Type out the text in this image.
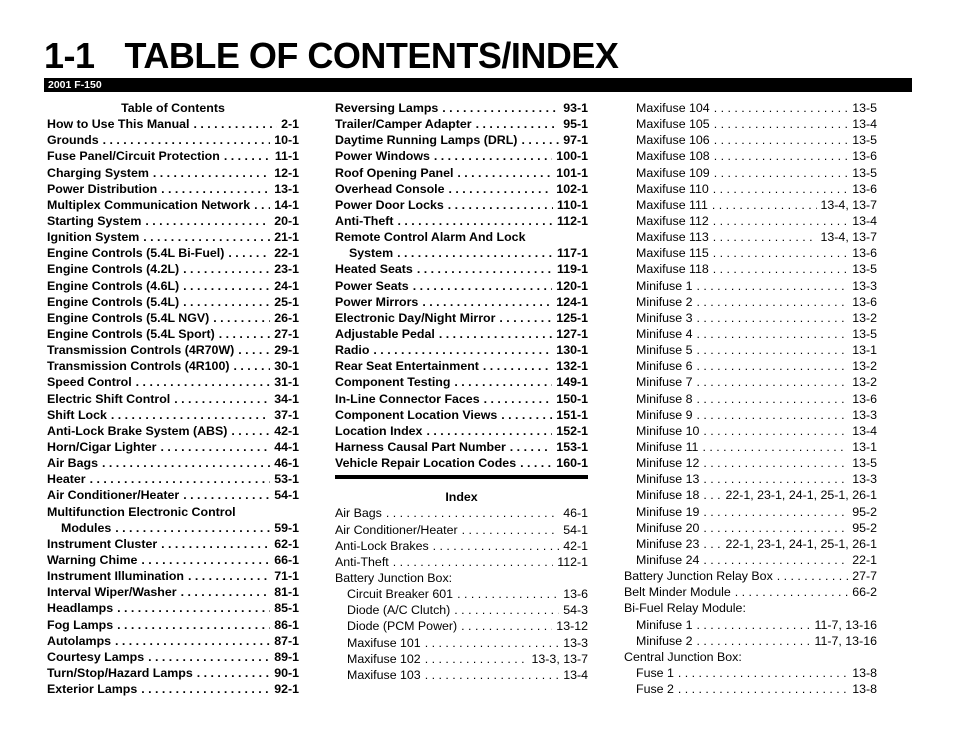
1-1 TABLE OF CONTENTS/INDEX
2001 F-150
Table of Contents
How to Use This Manual . . .	2-1
Grounds . . .	10-1
Fuse Panel/Circuit Protection . . .	11-1
Charging System . . .	12-1
Power Distribution . . .	13-1
Multiplex Communication Network . . . 14-1
Starting System . . .	20-1
Ignition System . . .	21-1
Engine Controls (5.4L Bi-Fuel) . . .	22-1
Engine Controls (4.2L) . . .	23-1
Engine Controls (4.6L) . . .	24-1
Engine Controls (5.4L) . . .	25-1
Engine Controls (5.4L NGV) . . .	26-1
Engine Controls (5.4L Sport) . . .	27-1
Transmission Controls (4R70W) . . .	29-1
Transmission Controls (4R100) . . .	30-1
Speed Control . . .	31-1
Electric Shift Control . . .	34-1
Shift Lock . . .	37-1
Anti-Lock Brake System (ABS) . . .	42-1
Horn/Cigar Lighter . . .	44-1
Air Bags . . .	46-1
Heater . . .	53-1
Air Conditioner/Heater . . .	54-1
Multifunction Electronic Control
Modules . . .	59-1
Instrument Cluster . . .	62-1
Warning Chime . . .	66-1
Instrument Illumination . . .	71-1
Interval Wiper/Washer . . .	81-1
Headlamps . . .	85-1
Fog Lamps . . .	86-1
Autolamps . . .	87-1
Courtesy Lamps . . .	89-1
Turn/Stop/Hazard Lamps . . .	90-1
Exterior Lamps . . .	92-1
Reversing Lamps . . .	93-1
Trailer/Camper Adapter . . .	95-1
Daytime Running Lamps (DRL) . . .	97-1
Power Windows . . .	100-1
Roof Opening Panel . . .	101-1
Overhead Console . . .	102-1
Power Door Locks . . .	110-1
Anti-Theft . . .	112-1
Remote Control Alarm And Lock
System . . .	117-1
Heated Seats . . .	119-1
Power Seats . . .	120-1
Power Mirrors . . .	124-1
Electronic Day/Night Mirror . . .	125-1
Adjustable Pedal . . .	127-1
Radio . . .	130-1
Rear Seat Entertainment . . .	132-1
Component Testing . . .	149-1
In-Line Connector Faces . . .	150-1
Component Location Views . . .	151-1
Location Index . . .	152-1
Harness Causal Part Number . . .	153-1
Vehicle Repair Location Codes . . .	160-1
Index
Air Bags . . .	46-1
Air Conditioner/Heater . . .	54-1
Anti-Lock Brakes . . .	42-1
Anti-Theft . . .	112-1
Battery Junction Box:
Circuit Breaker 601 . . .	13-6
Diode (A/C Clutch) . . .	54-3
Diode (PCM Power) . . .	13-12
Maxifuse 101 . . .	13-3
Maxifuse 102 . . .	13-3, 13-7
Maxifuse 103 . . .	13-4
Maxifuse 104 . . .	13-5
Maxifuse 105 . . .	13-4
Maxifuse 106 . . .	13-5
Maxifuse 108 . . .	13-6
Maxifuse 109 . . .	13-5
Maxifuse 110 . . .	13-6
Maxifuse 111 . . .	13-4, 13-7
Maxifuse 112 . . .	13-4
Maxifuse 113 . . .	13-4, 13-7
Maxifuse 115 . . .	13-6
Maxifuse 118 . . .	13-5
Minifuse 1 . . .	13-3
Minifuse 2 . . .	13-6
Minifuse 3 . . .	13-2
Minifuse 4 . . .	13-5
Minifuse 5 . . .	13-1
Minifuse 6 . . .	13-2
Minifuse 7 . . .	13-2
Minifuse 8 . . .	13-6
Minifuse 9 . . .	13-3
Minifuse 10 . . .	13-4
Minifuse 11 . . .	13-1
Minifuse 12 . . .	13-5
Minifuse 13 . . .	13-3
Minifuse 18 . . . 22-1, 23-1, 24-1, 25-1, 26-1
Minifuse 19 . . .	95-2
Minifuse 20 . . .	95-2
Minifuse 23 . . . 22-1, 23-1, 24-1, 25-1, 26-1
Minifuse 24 . . .	22-1
Battery Junction Relay Box . . .	27-7
Belt Minder Module . . .	66-2
Bi-Fuel Relay Module:
Minifuse 1 . . .	11-7, 13-16
Minifuse 2 . . .	11-7, 13-16
Central Junction Box:
Fuse 1 . . .	13-8
Fuse 2 . . .	13-8
